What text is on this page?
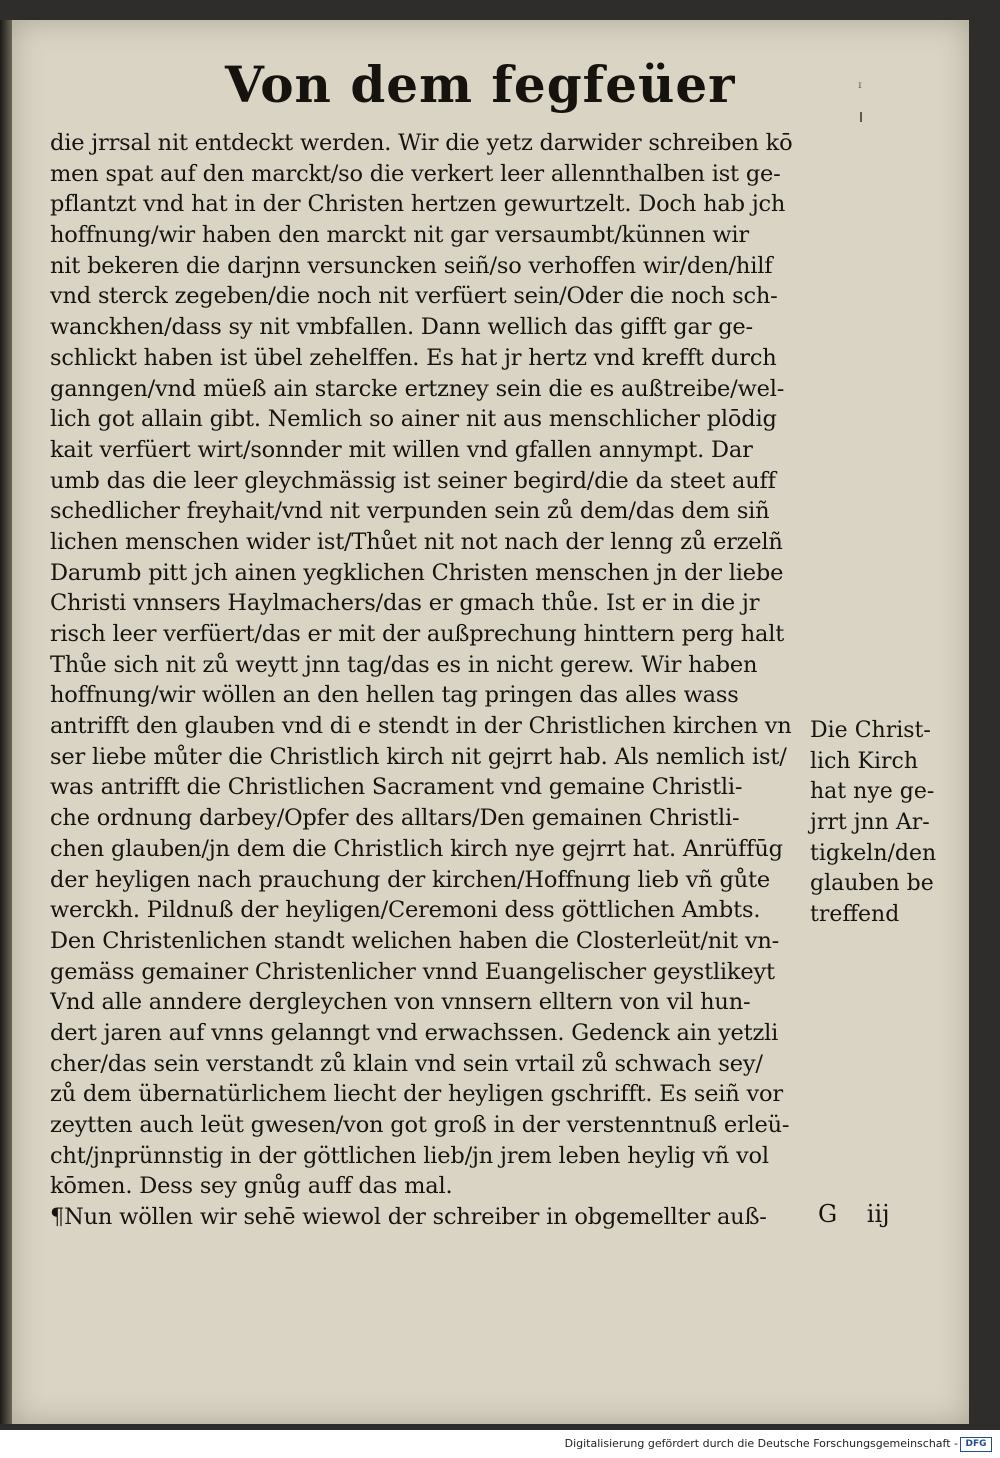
Von dem fegfeüer	ᶦ
die jrrsal nit entdeckt werden. Wir die yetz darwider schreiben kō
men spat auf den marckt/so die verkert leer allennthalben ist ge-
pflantzt vnd hat in der Christen hertzen gewurtzelt. Doch hab jch
hoffnung/wir haben den marckt nit gar versaumbt/künnen wir
nit bekeren die darjnn versuncken seiñ/so verhoffen wir/den/hilf
vnd sterck zegeben/die noch nit verfüert sein/Oder die noch sch-
wanckhen/dass sy nit vmbfallen. Dann wellich das gifft gar ge-
schlickt haben ist übel zehelffen. Es hat jr hertz vnd krefft durch
ganngen/vnd müeß ain starcke ertzney sein die es außtreibe/wel-
lich got allain gibt. Nemlich so ainer nit aus menschlicher plōdig
kait verfüert wirt/sonnder mit willen vnd gfallen annympt. Dar
umb das die leer gleychmässig ist seiner begird/die da steet auff
schedlicher freyhait/vnd nit verpunden sein zů dem/das dem siñ
lichen menschen wider ist/Thůet nit not nach der lenng zů erzelñ
Darumb pitt jch ainen yegklichen Christen menschen jn der liebe
Christi vnnsers Haylmachers/das er gmach thůe. Ist er in die jr
risch leer verfüert/das er mit der außprechung hinttern perg halt
Thůe sich nit zů weytt jnn tag/das es in nicht gerew. Wir haben
hoffnung/wir wöllen an den hellen tag pringen das alles wass
antrifft den glauben vnd di e stendt in der Christlichen kirchen vn
ser liebe můter die Christlich kirch nit gejrrt hab. Als nemlich ist/
was antrifft die Christlichen Sacrament vnd gemaine Christli-
che ordnung darbey/Opfer des alltars/Den gemainen Christli-
chen glauben/jn dem die Christlich kirch nye gejrrt hat. Anrüffūg
der heyligen nach prauchung der kirchen/Hoffnung lieb vñ gůte
werckh. Pildnuß der heyligen/Ceremoni dess göttlichen Ambts.
Den Christenlichen standt welichen haben die Closterleüt/nit vn-
gemäss gemainer Christenlicher vnnd Euangelischer geystlikeyt
Vnd alle anndere dergleychen von vnnsern elltern von vil hun-
dert jaren auf vnns gelanngt vnd erwachssen. Gedenck ain yetzli
cher/das sein verstandt zů klain vnd sein vrtail zů schwach sey/
zů dem übernatürlichem liecht der heyligen gschrifft. Es seiñ vor
zeytten auch leüt gwesen/von got groß in der verstenntnuß erleü-
cht/jnprünnstig in der göttlichen lieb/jn jrem leben heylig vñ vol
kōmen. Dess sey gnůg auff das mal.
¶Nun wöllen wir sehē wiewol der schreiber in obgemellter auß-
Die Christ-
lich Kirch
hat nye ge-
jrrt jnn Ar-
tigkeln/den
glauben be
treffend
G iij
Digitalisierung gefördert durch die Deutsche Forschungsgemeinschaft - DFG
